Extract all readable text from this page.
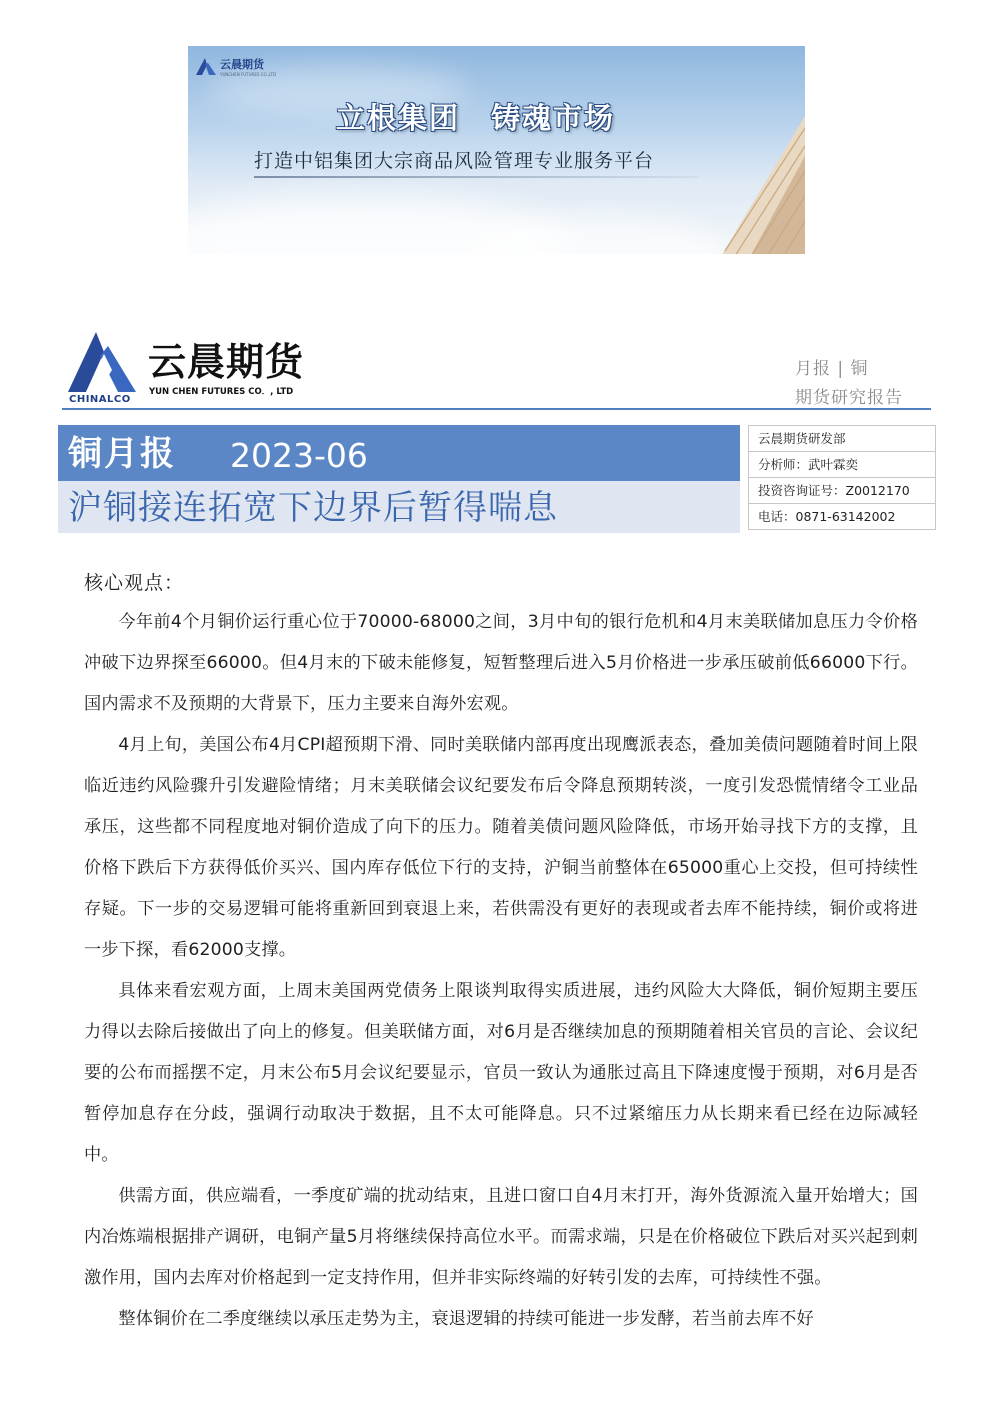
云晨期货
YUNCHEN FUTURES CO.,LTD
立根集团　铸魂市场
打造中铝集团大宗商品风险管理专业服务平台
CHINALCO
云晨期货
YUN CHEN FUTURES CO．, LTD
月报 | 铜
期货研究报告
铜月报 2023-06
沪铜接连拓宽下边界后暂得喘息
云晨期货研发部
分析师：武叶霖奕
投资咨询证号：Z0012170
电话：0871-63142002
核心观点：

今年前4个月铜价运行重心位于70000-68000之间，3月中旬的银行危机和4月末美联储加息压力令价格冲破下边界探至66000。但4月末的下破未能修复，短暂整理后进入5月价格进一步承压破前低66000下行。国内需求不及预期的大背景下，压力主要来自海外宏观。

4月上旬，美国公布4月CPI超预期下滑、同时美联储内部再度出现鹰派表态，叠加美债问题随着时间上限临近违约风险骤升引发避险情绪；月末美联储会议纪要发布后令降息预期转淡，一度引发恐慌情绪令工业品承压，这些都不同程度地对铜价造成了向下的压力。随着美债问题风险降低，市场开始寻找下方的支撑，且价格下跌后下方获得低价买兴、国内库存低位下行的支持，沪铜当前整体在65000重心上交投，但可持续性存疑。下一步的交易逻辑可能将重新回到衰退上来，若供需没有更好的表现或者去库不能持续，铜价或将进一步下探，看62000支撑。

具体来看宏观方面，上周末美国两党债务上限谈判取得实质进展，违约风险大大降低，铜价短期主要压力得以去除后接做出了向上的修复。但美联储方面，对6月是否继续加息的预期随着相关官员的言论、会议纪要的公布而摇摆不定，月末公布5月会议纪要显示，官员一致认为通胀过高且下降速度慢于预期，对6月是否暂停加息存在分歧，强调行动取决于数据，且不太可能降息。只不过紧缩压力从长期来看已经在边际减轻中。

供需方面，供应端看，一季度矿端的扰动结束，且进口窗口自4月末打开，海外货源流入量开始增大；国内冶炼端根据排产调研，电铜产量5月将继续保持高位水平。而需求端，只是在价格破位下跌后对买兴起到刺激作用，国内去库对价格起到一定支持作用，但并非实际终端的好转引发的去库，可持续性不强。

整体铜价在二季度继续以承压走势为主，衰退逻辑的持续可能进一步发酵，若当前去库不好
